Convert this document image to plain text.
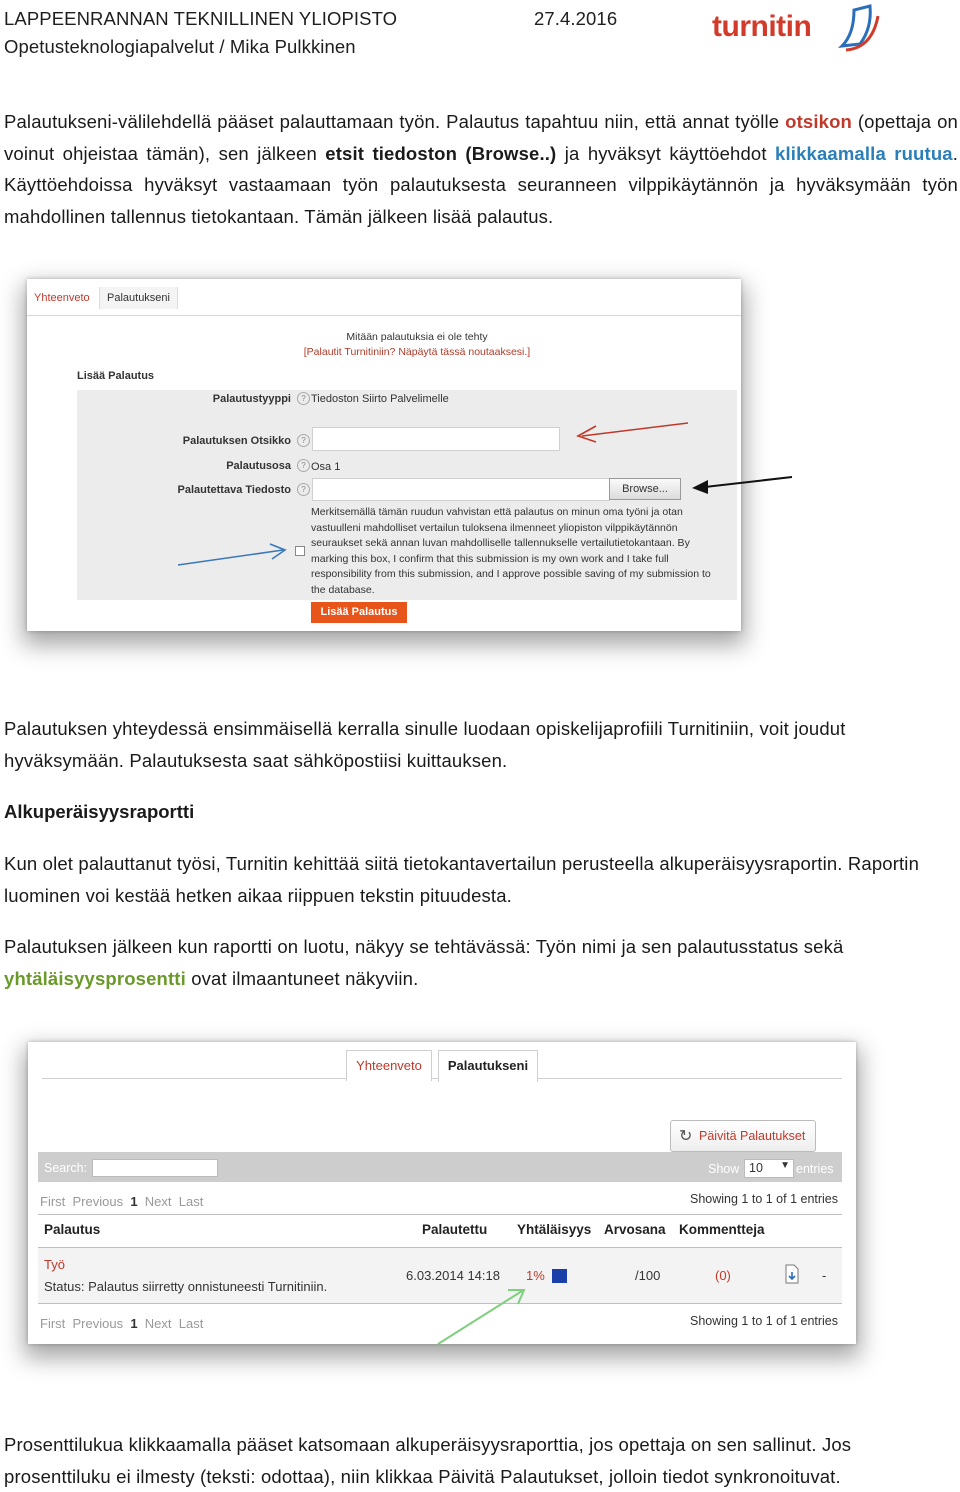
LAPPEENRANNAN TEKNILLINEN YLIOPISTO	27.4.2016
Opetusteknologiapalvelut / Mika Pulkkinen
turnitin
Palautukseni-välilehdellä pääset palauttamaan työn. Palautus tapahtuu niin, että annat työlle otsikon (opettaja on voinut ohjeistaa tämän), sen jälkeen etsit tiedoston (Browse..) ja hyväksyt käyttöehdot klikkaamalla ruutua. Käyttöehdoissa hyväksyt vastaamaan työn palautuksesta seuranneen vilppikäytännön ja hyväksymään työn mahdollinen tallennus tietokantaan. Tämän jälkeen lisää palautus.
Yhteenveto	Palautukseni
Mitään palautuksia ei ole tehty
[Palautit Turnitiniin? Näpäytä tässä noutaaksesi.]
Lisää Palautus
Palautustyyppi	? Tiedoston Siirto Palvelimelle
Palautuksen Otsikko	?
Palautusosa	? Osa 1
Palautettava Tiedosto	?	Browse...
Merkitsemällä tämän ruudun vahvistan että palautus on minun oma työni ja otan
vastuulleni mahdolliset vertailun tuloksena ilmenneet yliopiston vilppikäytännön
seuraukset sekä annan luvan mahdolliselle tallennukselle vertailutietokantaan. By
marking this box, I confirm that this submission is my own work and I take full
responsibility from this submission, and I approve possible saving of my submission to
the database.
Lisää Palautus
Palautuksen yhteydessä ensimmäisellä kerralla sinulle luodaan opiskelijaprofiili Turnitiniin, voit joudut hyväksymään. Palautuksesta saat sähköpostiisi kuittauksen.
Alkuperäisyysraportti
Kun olet palauttanut työsi, Turnitin kehittää siitä tietokantavertailun perusteella alkuperäisyysraportin. Raportin luominen voi kestää hetken aikaa riippuen tekstin pituudesta.
Palautuksen jälkeen kun raportti on luotu, näkyy se tehtävässä: Työn nimi ja sen palautusstatus sekä yhtäläisyysprosentti ovat ilmaantuneet näkyviin.
Yhteenveto	Palautukseni
↻ Päivitä Palautukset
Search:	Show 10 ▼ entries
First Previous 1 Next Last	Showing 1 to 1 of 1 entries
Palautus	Palautettu Yhtäläisyys Arvosana Kommentteja
Työ
Status: Palautus siirretty onnistuneesti Turnitiniin.
6.03.2014 14:18 1%	/100	(0)	-
First Previous 1 Next Last	Showing 1 to 1 of 1 entries
Prosenttilukua klikkaamalla pääset katsomaan alkuperäisyysraporttia, jos opettaja on sen sallinut. Jos prosenttiluku ei ilmesty (teksti: odottaa), niin klikkaa Päivitä Palautukset, jolloin tiedot synkronoituvat.
